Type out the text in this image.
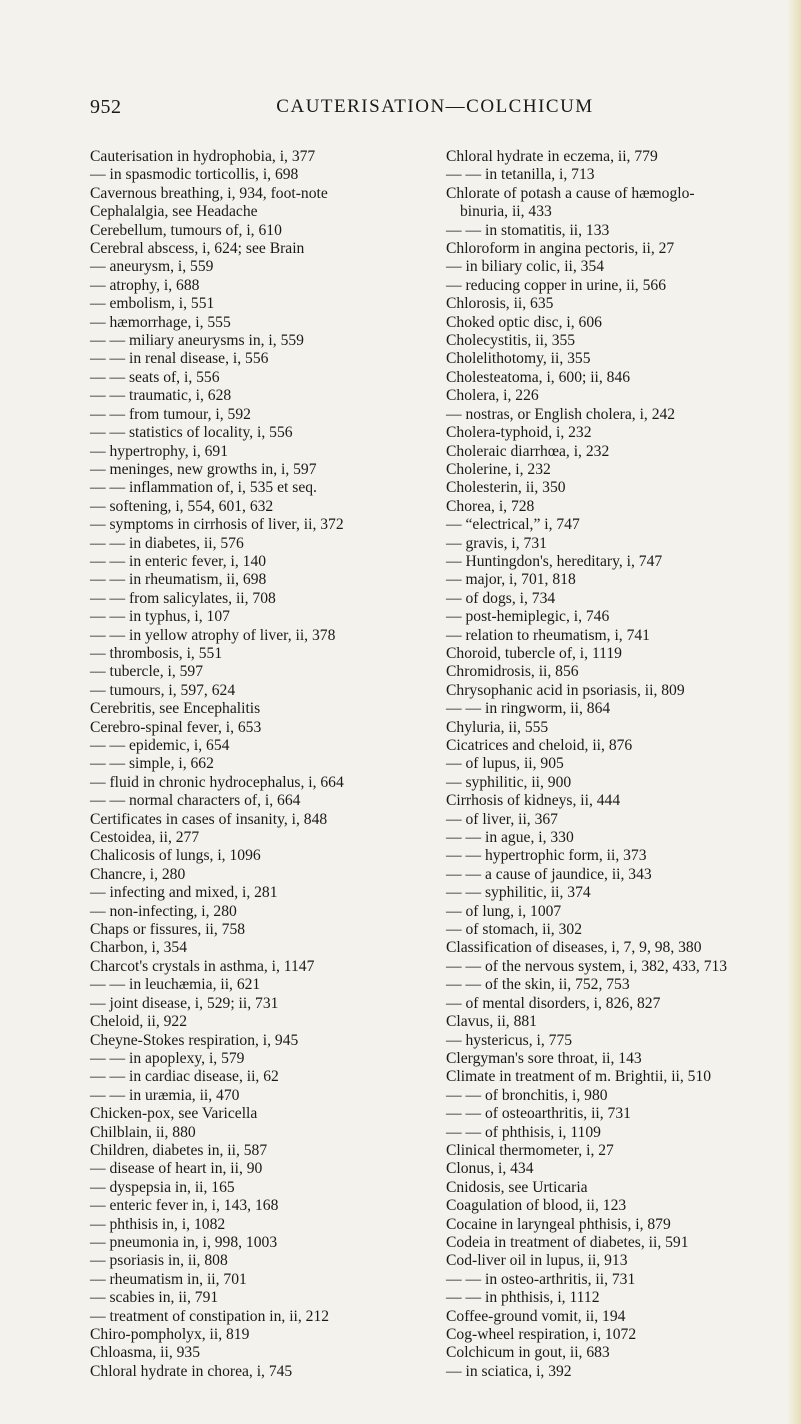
952	CAUTERISATION—COLCHICUM
Cauterisation in hydrophobia, i, 377
— in spasmodic torticollis, i, 698
Cavernous breathing, i, 934, foot-note
Cephalalgia, see Headache
Cerebellum, tumours of, i, 610
Cerebral abscess, i, 624; see Brain
— aneurysm, i, 559
— atrophy, i, 688
— embolism, i, 551
— hæmorrhage, i, 555
— — miliary aneurysms in, i, 559
— — in renal disease, i, 556
— — seats of, i, 556
— — traumatic, i, 628
— — from tumour, i, 592
— — statistics of locality, i, 556
— hypertrophy, i, 691
— meninges, new growths in, i, 597
— — inflammation of, i, 535 et seq.
— softening, i, 554, 601, 632
— symptoms in cirrhosis of liver, ii, 372
— — in diabetes, ii, 576
— — in enteric fever, i, 140
— — in rheumatism, ii, 698
— — from salicylates, ii, 708
— — in typhus, i, 107
— — in yellow atrophy of liver, ii, 378
— thrombosis, i, 551
— tubercle, i, 597
— tumours, i, 597, 624
Cerebritis, see Encephalitis
Cerebro-spinal fever, i, 653
— — epidemic, i, 654
— — simple, i, 662
— fluid in chronic hydrocephalus, i, 664
— — normal characters of, i, 664
Certificates in cases of insanity, i, 848
Cestoidea, ii, 277
Chalicosis of lungs, i, 1096
Chancre, i, 280
— infecting and mixed, i, 281
— non-infecting, i, 280
Chaps or fissures, ii, 758
Charbon, i, 354
Charcot's crystals in asthma, i, 1147
— — in leuchæmia, ii, 621
— joint disease, i, 529; ii, 731
Cheloid, ii, 922
Cheyne-Stokes respiration, i, 945
— — in apoplexy, i, 579
— — in cardiac disease, ii, 62
— — in uræmia, ii, 470
Chicken-pox, see Varicella
Chilblain, ii, 880
Children, diabetes in, ii, 587
— disease of heart in, ii, 90
— dyspepsia in, ii, 165
— enteric fever in, i, 143, 168
— phthisis in, i, 1082
— pneumonia in, i, 998, 1003
— psoriasis in, ii, 808
— rheumatism in, ii, 701
— scabies in, ii, 791
— treatment of constipation in, ii, 212
Chiro-pompholyx, ii, 819
Chloasma, ii, 935
Chloral hydrate in chorea, i, 745
Chloral hydrate in eczema, ii, 779
— — in tetanilla, i, 713
Chlorate of potash a cause of hæmoglo-
binuria, ii, 433
— — in stomatitis, ii, 133
Chloroform in angina pectoris, ii, 27
— in biliary colic, ii, 354
— reducing copper in urine, ii, 566
Chlorosis, ii, 635
Choked optic disc, i, 606
Cholecystitis, ii, 355
Cholelithotomy, ii, 355
Cholesteatoma, i, 600; ii, 846
Cholera, i, 226
— nostras, or English cholera, i, 242
Cholera-typhoid, i, 232
Choleraic diarrhœa, i, 232
Cholerine, i, 232
Cholesterin, ii, 350
Chorea, i, 728
— “electrical,” i, 747
— gravis, i, 731
— Huntingdon's, hereditary, i, 747
— major, i, 701, 818
— of dogs, i, 734
— post-hemiplegic, i, 746
— relation to rheumatism, i, 741
Choroid, tubercle of, i, 1119
Chromidrosis, ii, 856
Chrysophanic acid in psoriasis, ii, 809
— — in ringworm, ii, 864
Chyluria, ii, 555
Cicatrices and cheloid, ii, 876
— of lupus, ii, 905
— syphilitic, ii, 900
Cirrhosis of kidneys, ii, 444
— of liver, ii, 367
— — in ague, i, 330
— — hypertrophic form, ii, 373
— — a cause of jaundice, ii, 343
— — syphilitic, ii, 374
— of lung, i, 1007
— of stomach, ii, 302
Classification of diseases, i, 7, 9, 98, 380
— — of the nervous system, i, 382, 433, 713
— — of the skin, ii, 752, 753
— of mental disorders, i, 826, 827
Clavus, ii, 881
— hystericus, i, 775
Clergyman's sore throat, ii, 143
Climate in treatment of m. Brightii, ii, 510
— — of bronchitis, i, 980
— — of osteoarthritis, ii, 731
— — of phthisis, i, 1109
Clinical thermometer, i, 27
Clonus, i, 434
Cnidosis, see Urticaria
Coagulation of blood, ii, 123
Cocaine in laryngeal phthisis, i, 879
Codeia in treatment of diabetes, ii, 591
Cod-liver oil in lupus, ii, 913
— — in osteo-arthritis, ii, 731
— — in phthisis, i, 1112
Coffee-ground vomit, ii, 194
Cog-wheel respiration, i, 1072
Colchicum in gout, ii, 683
— in sciatica, i, 392
